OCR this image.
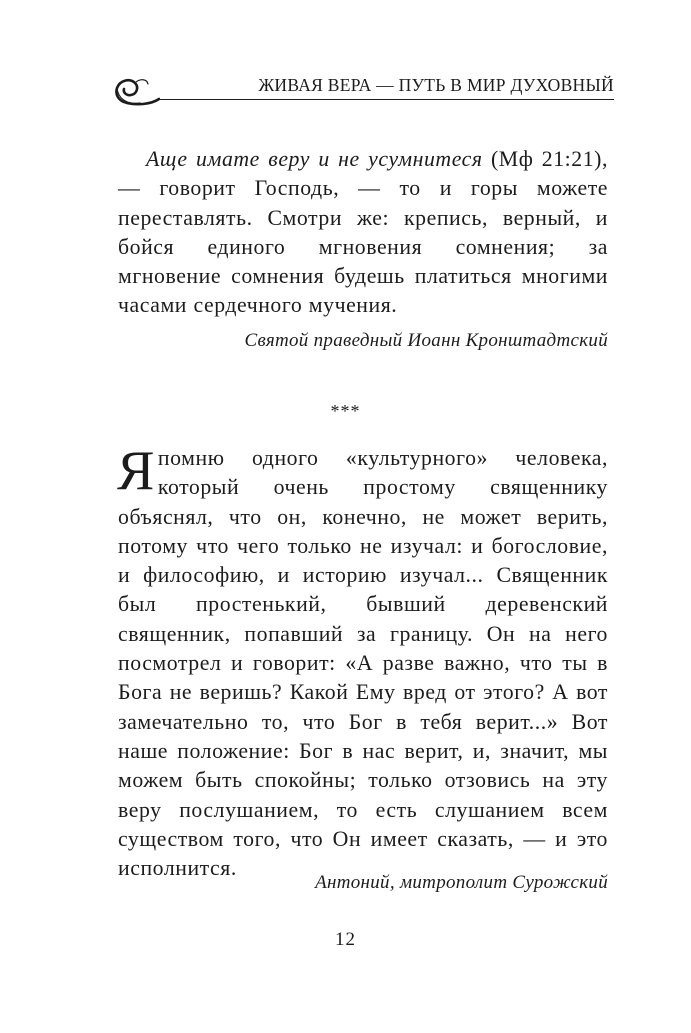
ЖИВАЯ ВЕРА — ПУТЬ В МИР ДУХОВНЫЙ
Аще имате веру и не усумнитеся (Мф 21:21), — говорит Господь, — то и горы можете переставлять. Смотри же: крепись, верный, и бойся единого мгновения сомнения; за мгновение сомнения будешь платиться многими часами сердечного мучения.
Святой праведный Иоанн Кронштадтский
***
Я помню одного «культурного» человека, который очень простому священнику объяснял, что он, конечно, не может верить, потому что чего только не изучал: и богословие, и философию, и историю изучал... Священник был простенький, бывший деревенский священник, попавший за границу. Он на него посмотрел и говорит: «А разве важно, что ты в Бога не веришь? Какой Ему вред от этого? А вот замечательно то, что Бог в тебя верит...» Вот наше положение: Бог в нас верит, и, значит, мы можем быть спокойны; только отзовись на эту веру послушанием, то есть слушанием всем существом того, что Он имеет сказать, — и это исполнится.
Антоний, митрополит Сурожский
12
